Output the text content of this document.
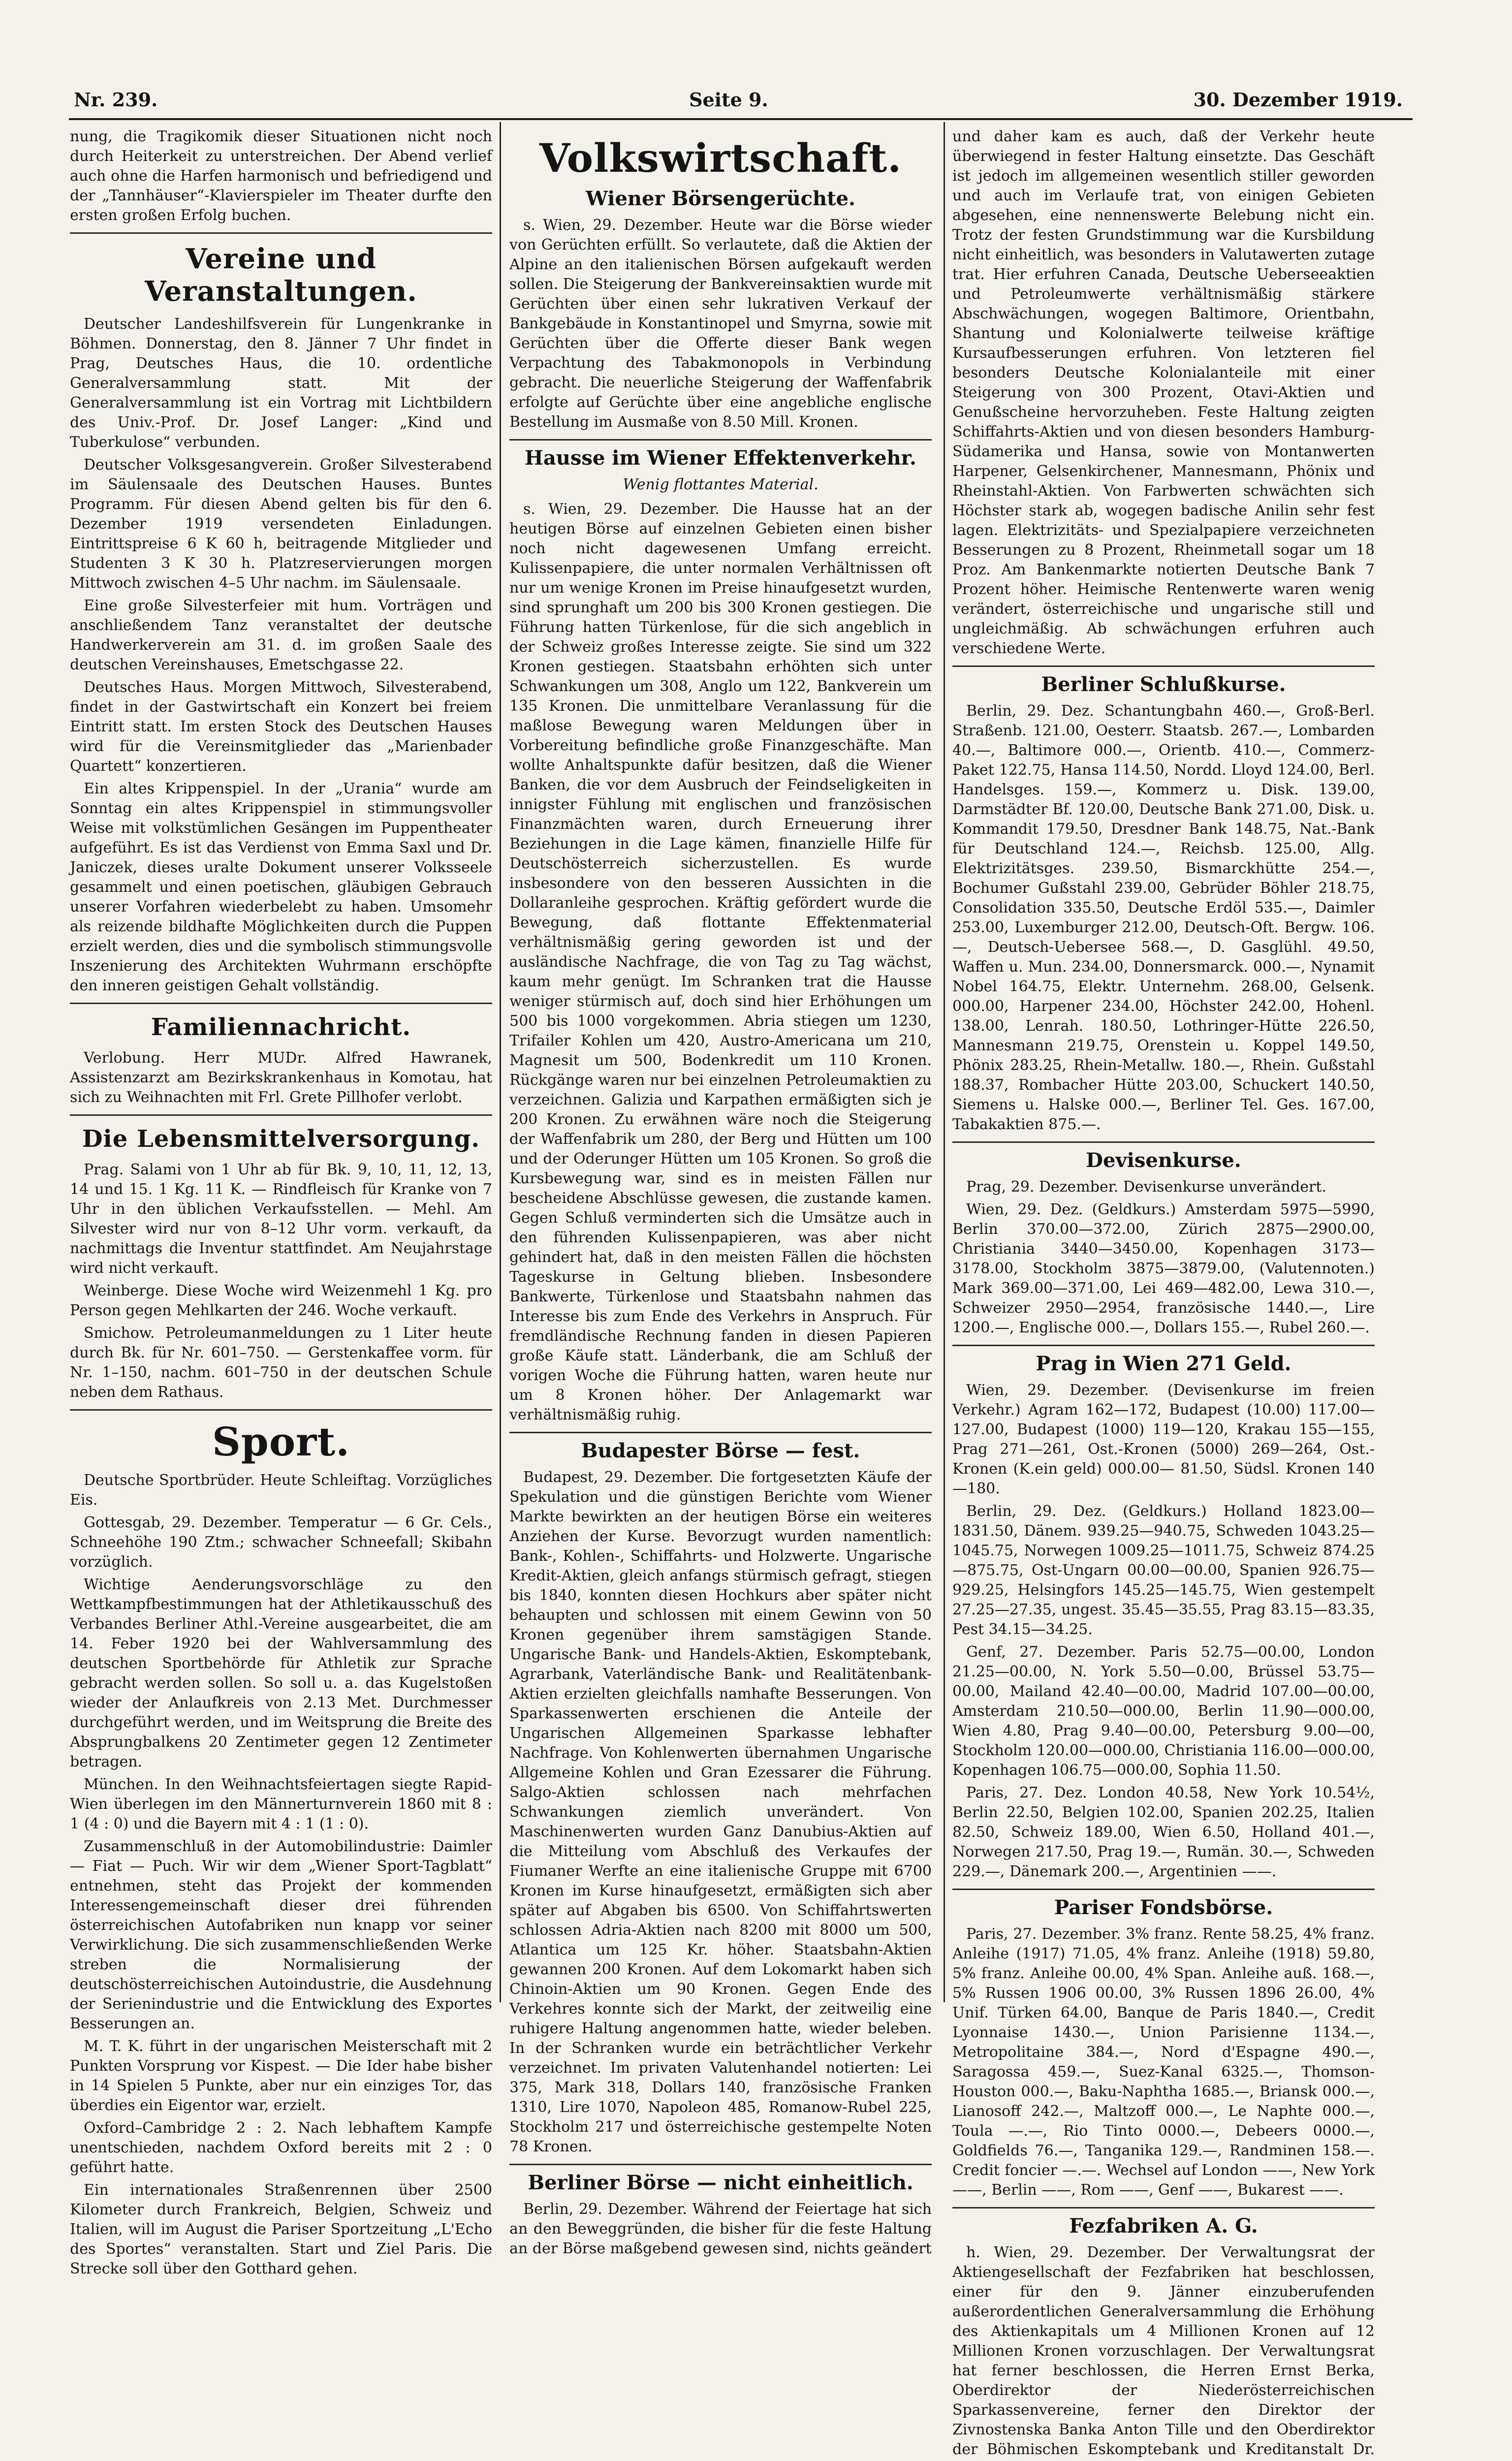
Nr. 239.	Seite 9.	30. Dezember 1919.

nung, die Tragikomik dieser Situationen nicht noch durch Heiterkeit zu unterstreichen. Der Abend verlief auch ohne die Harfen harmonisch und befriedigend und der „Tannhäuser“-Klavierspieler im Theater durfte den ersten großen Erfolg buchen.

Vereine und Veranstaltungen.

Deutscher Landeshilfsverein für Lungenkranke in Böhmen. Donnerstag, den 8. Jänner 7 Uhr findet in Prag, Deutsches Haus, die 10. ordentliche Generalversammlung statt. Mit der Generalversammlung ist ein Vortrag mit Lichtbildern des Univ.-Prof. Dr. Josef Langer: „Kind und Tuberkulose“ verbunden.

Deutscher Volksgesangverein. Großer Silvesterabend im Säulensaale des Deutschen Hauses. Buntes Programm. Für diesen Abend gelten bis für den 6. Dezember 1919 versendeten Einladungen. Eintrittspreise 6 K 60 h, beitragende Mitglieder und Studenten 3 K 30 h. Platzreservierungen morgen Mittwoch zwischen 4–5 Uhr nachm. im Säulensaale.

Eine große Silvesterfeier mit hum. Vorträgen und anschließendem Tanz veranstaltet der deutsche Handwerkerverein am 31. d. im großen Saale des deutschen Vereinshauses, Emetschgasse 22.

Deutsches Haus. Morgen Mittwoch, Silvesterabend, findet in der Gastwirtschaft ein Konzert bei freiem Eintritt statt. Im ersten Stock des Deutschen Hauses wird für die Vereinsmitglieder das „Marienbader Quartett“ konzertieren.

Ein altes Krippenspiel. In der „Urania“ wurde am Sonntag ein altes Krippenspiel in stimmungsvoller Weise mit volkstümlichen Gesängen im Puppentheater aufgeführt. Es ist das Verdienst von Emma Saxl und Dr. Janiczek, dieses uralte Dokument unserer Volksseele gesammelt und einen poetischen, gläubigen Gebrauch unserer Vorfahren wiederbelebt zu haben. Umsomehr als reizende bildhafte Möglichkeiten durch die Puppen erzielt werden, dies und die symbolisch stimmungsvolle Inszenierung des Architekten Wuhrmann erschöpfte den inneren geistigen Gehalt vollständig.

Familiennachricht.

Verlobung. Herr MUDr. Alfred Hawranek, Assistenzarzt am Bezirkskrankenhaus in Komotau, hat sich zu Weihnachten mit Frl. Grete Pillhofer verlobt.

Die Lebensmittelversorgung.

Prag. Salami von 1 Uhr ab für Bk. 9, 10, 11, 12, 13, 14 und 15. 1 Kg. 11 K. — Rindfleisch für Kranke von 7 Uhr in den üblichen Verkaufsstellen. — Mehl. Am Silvester wird nur von 8–12 Uhr vorm. verkauft, da nachmittags die Inventur stattfindet. Am Neujahrstage wird nicht verkauft.

Weinberge. Diese Woche wird Weizenmehl 1 Kg. pro Person gegen Mehlkarten der 246. Woche verkauft.

Smichow. Petroleumanmeldungen zu 1 Liter heute durch Bk. für Nr. 601–750. — Gerstenkaffee vorm. für Nr. 1–150, nachm. 601–750 in der deutschen Schule neben dem Rathaus.

Sport.

Deutsche Sportbrüder. Heute Schleiftag. Vorzügliches Eis.

Gottesgab, 29. Dezember. Temperatur — 6 Gr. Cels., Schneehöhe 190 Ztm.; schwacher Schneefall; Skibahn vorzüglich.

Wichtige Aenderungsvorschläge zu den Wettkampfbestimmungen hat der Athletikausschuß des Verbandes Berliner Athl.-Vereine ausgearbeitet, die am 14. Feber 1920 bei der Wahlversammlung des deutschen Sportbehörde für Athletik zur Sprache gebracht werden sollen. So soll u. a. das Kugelstoßen wieder der Anlaufkreis von 2.13 Met. Durchmesser durchgeführt werden, und im Weitsprung die Breite des Absprungbalkens 20 Zentimeter gegen 12 Zentimeter betragen.

München. In den Weihnachtsfeiertagen siegte Rapid-Wien überlegen im den Männerturnverein 1860 mit 8 : 1 (4 : 0) und die Bayern mit 4 : 1 (1 : 0).

Zusammenschluß in der Automobilindustrie: Daimler — Fiat — Puch. Wir wir dem „Wiener Sport-Tagblatt“ entnehmen, steht das Projekt der kommenden Interessengemeinschaft dieser drei führenden österreichischen Autofabriken nun knapp vor seiner Verwirklichung. Die sich zusammenschließenden Werke streben die Normalisierung der deutschösterreichischen Autoindustrie, die Ausdehnung der Serienindustrie und die Entwicklung des Exportes Besserungen an.

M. T. K. führt in der ungarischen Meisterschaft mit 2 Punkten Vorsprung vor Kispest. — Die Ider habe bisher in 14 Spielen 5 Punkte, aber nur ein einziges Tor, das überdies ein Eigentor war, erzielt.

Oxford–Cambridge 2 : 2. Nach lebhaftem Kampfe unentschieden, nachdem Oxford bereits mit 2 : 0 geführt hatte.

Ein internationales Straßenrennen über 2500 Kilometer durch Frankreich, Belgien, Schweiz und Italien, will im August die Pariser Sportzeitung „L'Echo des Sportes“ veranstalten. Start und Ziel Paris. Die Strecke soll über den Gotthard gehen.

Volkswirtschaft.
Wiener Börsengerüchte.

s. Wien, 29. Dezember. Heute war die Börse wieder von Gerüchten erfüllt. So verlautete, daß die Aktien der Alpine an den italienischen Börsen aufgekauft werden sollen. Die Steigerung der Bankvereinsaktien wurde mit Gerüchten über einen sehr lukrativen Verkauf der Bankgebäude in Konstantinopel und Smyrna, sowie mit Gerüchten über die Offerte dieser Bank wegen Verpachtung des Tabakmonopols in Verbindung gebracht. Die neuerliche Steigerung der Waffenfabrik erfolgte auf Gerüchte über eine angebliche englische Bestellung im Ausmaße von 8.50 Mill. Kronen.

Hausse im Wiener Effektenverkehr.
Wenig flottantes Material.

s. Wien, 29. Dezember. Die Hausse hat an der heutigen Börse auf einzelnen Gebieten einen bisher noch nicht dagewesenen Umfang erreicht. Kulissenpapiere, die unter normalen Verhältnissen oft nur um wenige Kronen im Preise hinaufgesetzt wurden, sind sprunghaft um 200 bis 300 Kronen gestiegen. Die Führung hatten Türkenlose, für die sich angeblich in der Schweiz großes Interesse zeigte. Sie sind um 322 Kronen gestiegen. Staatsbahn erhöhten sich unter Schwankungen um 308, Anglo um 122, Bankverein um 135 Kronen. Die unmittelbare Veranlassung für die maßlose Bewegung waren Meldungen über in Vorbereitung befindliche große Finanzgeschäfte. Man wollte Anhaltspunkte dafür besitzen, daß die Wiener Banken, die vor dem Ausbruch der Feindseligkeiten in innigster Fühlung mit englischen und französischen Finanzmächten waren, durch Erneuerung ihrer Beziehungen in die Lage kämen, finanzielle Hilfe für Deutschösterreich sicherzustellen. Es wurde insbesondere von den besseren Aussichten in die Dollaranleihe gesprochen. Kräftig gefördert wurde die Bewegung, daß flottante Effektenmaterial verhältnismäßig gering geworden ist und der ausländische Nachfrage, die von Tag zu Tag wächst, kaum mehr genügt. Im Schranken trat die Hausse weniger stürmisch auf, doch sind hier Erhöhungen um 500 bis 1000 vorgekommen. Abria stiegen um 1230, Trifailer Kohlen um 420, Austro-Americana um 210, Magnesit um 500, Bodenkredit um 110 Kronen. Rückgänge waren nur bei einzelnen Petroleumaktien zu verzeichnen. Galizia und Karpathen ermäßigten sich je 200 Kronen. Zu erwähnen wäre noch die Steigerung der Waffenfabrik um 280, der Berg und Hütten um 100 und der Oderunger Hütten um 105 Kronen. So groß die Kursbewegung war, sind es in meisten Fällen nur bescheidene Abschlüsse gewesen, die zustande kamen. Gegen Schluß verminderten sich die Umsätze auch in den führenden Kulissenpapieren, was aber nicht gehindert hat, daß in den meisten Fällen die höchsten Tageskurse in Geltung blieben. Insbesondere Bankwerte, Türkenlose und Staatsbahn nahmen das Interesse bis zum Ende des Verkehrs in Anspruch. Für fremdländische Rechnung fanden in diesen Papieren große Käufe statt. Länderbank, die am Schluß der vorigen Woche die Führung hatten, waren heute nur um 8 Kronen höher. Der Anlagemarkt war verhältnismäßig ruhig.

Budapester Börse — fest.

Budapest, 29. Dezember. Die fortgesetzten Käufe der Spekulation und die günstigen Berichte vom Wiener Markte bewirkten an der heutigen Börse ein weiteres Anziehen der Kurse. Bevorzugt wurden namentlich: Bank-, Kohlen-, Schiffahrts- und Holzwerte. Ungarische Kredit-Aktien, gleich anfangs stürmisch gefragt, stiegen bis 1840, konnten diesen Hochkurs aber später nicht behaupten und schlossen mit einem Gewinn von 50 Kronen gegenüber ihrem samstägigen Stande. Ungarische Bank- und Handels-Aktien, Eskomptebank, Agrarbank, Vaterländische Bank- und Realitätenbank-Aktien erzielten gleichfalls namhafte Besserungen. Von Sparkassenwerten erschienen die Anteile der Ungarischen Allgemeinen Sparkasse lebhafter Nachfrage. Von Kohlenwerten übernahmen Ungarische Allgemeine Kohlen und Gran Ezessarer die Führung. Salgo-Aktien schlossen nach mehrfachen Schwankungen ziemlich unverändert. Von Maschinenwerten wurden Ganz Danubius-Aktien auf die Mitteilung vom Abschluß des Verkaufes der Fiumaner Werfte an eine italienische Gruppe mit 6700 Kronen im Kurse hinaufgesetzt, ermäßigten sich aber später auf Abgaben bis 6500. Von Schiffahrtswerten schlossen Adria-Aktien nach 8200 mit 8000 um 500, Atlantica um 125 Kr. höher. Staatsbahn-Aktien gewannen 200 Kronen. Auf dem Lokomarkt haben sich Chinoin-Aktien um 90 Kronen. Gegen Ende des Verkehres konnte sich der Markt, der zeitweilig eine ruhigere Haltung angenommen hatte, wieder beleben. In der Schranken wurde ein beträchtlicher Verkehr verzeichnet. Im privaten Valutenhandel notierten: Lei 375, Mark 318, Dollars 140, französische Franken 1310, Lire 1070, Napoleon 485, Romanow-Rubel 225, Stockholm 217 und österreichische gestempelte Noten 78 Kronen.

Berliner Börse — nicht einheitlich.

Berlin, 29. Dezember. Während der Feiertage hat sich an den Beweggründen, die bisher für die feste Haltung an der Börse maßgebend gewesen sind, nichts geändert

und daher kam es auch, daß der Verkehr heute überwiegend in fester Haltung einsetzte. Das Geschäft ist jedoch im allgemeinen wesentlich stiller geworden und auch im Verlaufe trat, von einigen Gebieten abgesehen, eine nennenswerte Belebung nicht ein. Trotz der festen Grundstimmung war die Kursbildung nicht einheitlich, was besonders in Valutawerten zutage trat. Hier erfuhren Canada, Deutsche Ueberseeaktien und Petroleumwerte verhältnismäßig stärkere Abschwächungen, wogegen Baltimore, Orientbahn, Shantung und Kolonialwerte teilweise kräftige Kursaufbesserungen erfuhren. Von letzteren fiel besonders Deutsche Kolonialanteile mit einer Steigerung von 300 Prozent, Otavi-Aktien und Genußscheine hervorzuheben. Feste Haltung zeigten Schiffahrts-Aktien und von diesen besonders Hamburg-Südamerika und Hansa, sowie von Montanwerten Harpener, Gelsenkirchener, Mannesmann, Phönix und Rheinstahl-Aktien. Von Farbwerten schwächten sich Höchster stark ab, wogegen badische Anilin sehr fest lagen. Elektrizitäts- und Spezialpapiere verzeichneten Besserungen zu 8 Prozent, Rheinmetall sogar um 18 Proz. Am Bankenmarkte notierten Deutsche Bank 7 Prozent höher. Heimische Rentenwerte waren wenig verändert, österreichische und ungarische still und ungleichmäßig. Ab schwächungen erfuhren auch verschiedene Werte.

Berliner Schlußkurse.

Berlin, 29. Dez. Schantungbahn 460.—, Groß-Berl. Straßenb. 121.00, Oesterr. Staatsb. 267.—, Lombarden 40.—, Baltimore 000.—, Orientb. 410.—, Commerz-Paket 122.75, Hansa 114.50, Nordd. Lloyd 124.00, Berl. Handelsges. 159.—, Kommerz u. Disk. 139.00, Darmstädter Bf. 120.00, Deutsche Bank 271.00, Disk. u. Kommandit 179.50, Dresdner Bank 148.75, Nat.-Bank für Deutschland 124.—, Reichsb. 125.00, Allg. Elektrizitätsges. 239.50, Bismarckhütte 254.—, Bochumer Gußstahl 239.00, Gebrüder Böhler 218.75, Consolidation 335.50, Deutsche Erdöl 535.—, Daimler 253.00, Luxemburger 212.00, Deutsch-Oft. Bergw. 106.—, Deutsch-Uebersee 568.—, D. Gasglühl. 49.50, Waffen u. Mun. 234.00, Donnersmarck. 000.—, Nynamit Nobel 164.75, Elektr. Unternehm. 268.00, Gelsenk. 000.00, Harpener 234.00, Höchster 242.00, Hohenl. 138.00, Lenrah. 180.50, Lothringer-Hütte 226.50, Mannesmann 219.75, Orenstein u. Koppel 149.50, Phönix 283.25, Rhein-Metallw. 180.—, Rhein. Gußstahl 188.37, Rombacher Hütte 203.00, Schuckert 140.50, Siemens u. Halske 000.—, Berliner Tel. Ges. 167.00, Tabakaktien 875.—.

Devisenkurse.

Prag, 29. Dezember. Devisenkurse unverändert.

Wien, 29. Dez. (Geldkurs.) Amsterdam 5975—5990, Berlin 370.00—372.00, Zürich 2875—2900.00, Christiania 3440—3450.00, Kopenhagen 3173—3178.00, Stockholm 3875—3879.00, (Valutennoten.) Mark 369.00—371.00, Lei 469—482.00, Lewa 310.—, Schweizer 2950—2954, französische 1440.—, Lire 1200.—, Englische 000.—, Dollars 155.—, Rubel 260.—.

Prag in Wien 271 Geld.

Wien, 29. Dezember. (Devisenkurse im freien Verkehr.) Agram 162—172, Budapest (10.00) 117.00—127.00, Budapest (1000) 119—120, Krakau 155—155, Prag 271—261, Ost.-Kronen (5000) 269—264, Ost.-Kronen (K.ein geld) 000.00— 81.50, Südsl. Kronen 140—180.

Berlin, 29. Dez. (Geldkurs.) Holland 1823.00—1831.50, Dänem. 939.25—940.75, Schweden 1043.25—1045.75, Norwegen 1009.25—1011.75, Schweiz 874.25—875.75, Ost-Ungarn 00.00—00.00, Spanien 926.75—929.25, Helsingfors 145.25—145.75, Wien gestempelt 27.25—27.35, ungest. 35.45—35.55, Prag 83.15—83.35, Pest 34.15—34.25.

Genf, 27. Dezember. Paris 52.75—00.00, London 21.25—00.00, N. York 5.50—0.00, Brüssel 53.75—00.00, Mailand 42.40—00.00, Madrid 107.00—00.00, Amsterdam 210.50—000.00, Berlin 11.90—000.00, Wien 4.80, Prag 9.40—00.00, Petersburg 9.00—00, Stockholm 120.00—000.00, Christiania 116.00—000.00, Kopenhagen 106.75—000.00, Sophia 11.50.

Paris, 27. Dez. London 40.58, New York 10.54½, Berlin 22.50, Belgien 102.00, Spanien 202.25, Italien 82.50, Schweiz 189.00, Wien 6.50, Holland 401.—, Norwegen 217.50, Prag 19.—, Rumän. 30.—, Schweden 229.—, Dänemark 200.—, Argentinien ——.

Pariser Fondsbörse.

Paris, 27. Dezember. 3% franz. Rente 58.25, 4% franz. Anleihe (1917) 71.05, 4% franz. Anleihe (1918) 59.80, 5% franz. Anleihe 00.00, 4% Span. Anleihe auß. 168.—, 5% Russen 1906 00.00, 3% Russen 1896 26.00, 4% Unif. Türken 64.00, Banque de Paris 1840.—, Credit Lyonnaise 1430.—, Union Parisienne 1134.—, Metropolitaine 384.—, Nord d'Espagne 490.—, Saragossa 459.—, Suez-Kanal 6325.—, Thomson-Houston 000.—, Baku-Naphtha 1685.—, Briansk 000.—, Lianosoff 242.—, Maltzoff 000.—, Le Naphte 000.—, Toula —.—, Rio Tinto 0000.—, Debeers 0000.—, Goldfields 76.—, Tanganika 129.—, Randminen 158.—. Credit foncier —.—. Wechsel auf London ——, New York ——, Berlin ——, Rom ——, Genf ——, Bukarest ——.

Fezfabriken A. G.

h. Wien, 29. Dezember. Der Verwaltungsrat der Aktiengesellschaft der Fezfabriken hat beschlossen, einer für den 9. Jänner einzuberufenden außerordentlichen Generalversammlung die Erhöhung des Aktienkapitals um 4 Millionen Kronen auf 12 Millionen Kronen vorzuschlagen. Der Verwaltungsrat hat ferner beschlossen, die Herren Ernst Berka, Oberdirektor der Niederösterreichischen Sparkassenvereine, ferner den Direktor der Zivnostenska Banka Anton Tille und den Oberdirektor der Böhmischen Eskomptebank und Kreditanstalt Dr.
